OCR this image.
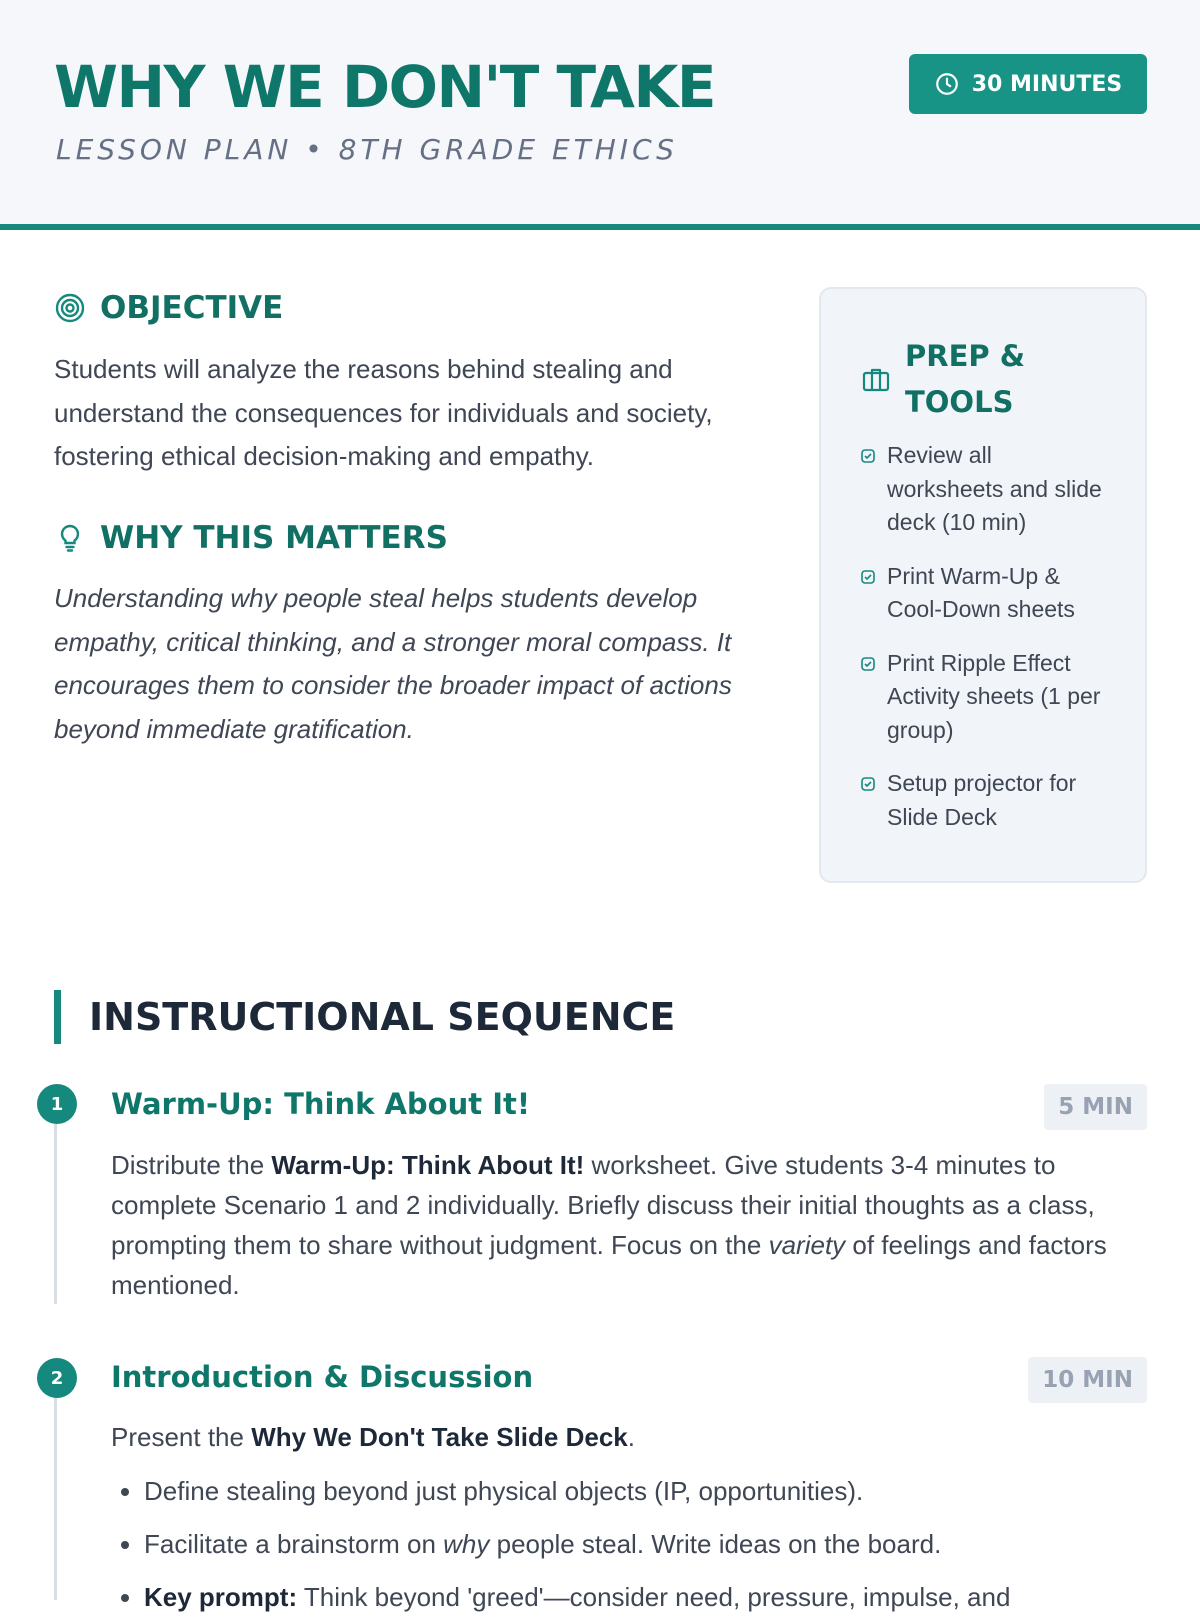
WHY WE DON'T TAKE
LESSON PLAN • 8TH GRADE ETHICS
30 MINUTES
OBJECTIVE

Students will analyze the reasons behind stealing and understand the consequences for individuals and society, fostering ethical decision-making and empathy.

WHY THIS MATTERS

Understanding why people steal helps students develop empathy, critical thinking, and a stronger moral compass. It encourages them to consider the broader impact of actions beyond immediate gratification.

PREP & TOOLS
Review all worksheets and slide deck (10 min)
Print Warm-Up & Cool-Down sheets
Print Ripple Effect Activity sheets (1 per group)
Setup projector for Slide Deck
INSTRUCTIONAL SEQUENCE
1	Warm-Up: Think About It!	5 MIN

Distribute the Warm-Up: Think About It! worksheet. Give students 3-4 minutes to complete Scenario 1 and 2 individually. Briefly discuss their initial thoughts as a class, prompting them to share without judgment. Focus on the variety of feelings and factors mentioned.

2	Introduction & Discussion	10 MIN

Present the Why We Don't Take Slide Deck.

• Define stealing beyond just physical objects (IP, opportunities).
• Facilitate a brainstorm on why people steal. Write ideas on the board.
• Key prompt: Think beyond 'greed'—consider need, pressure, impulse, and
